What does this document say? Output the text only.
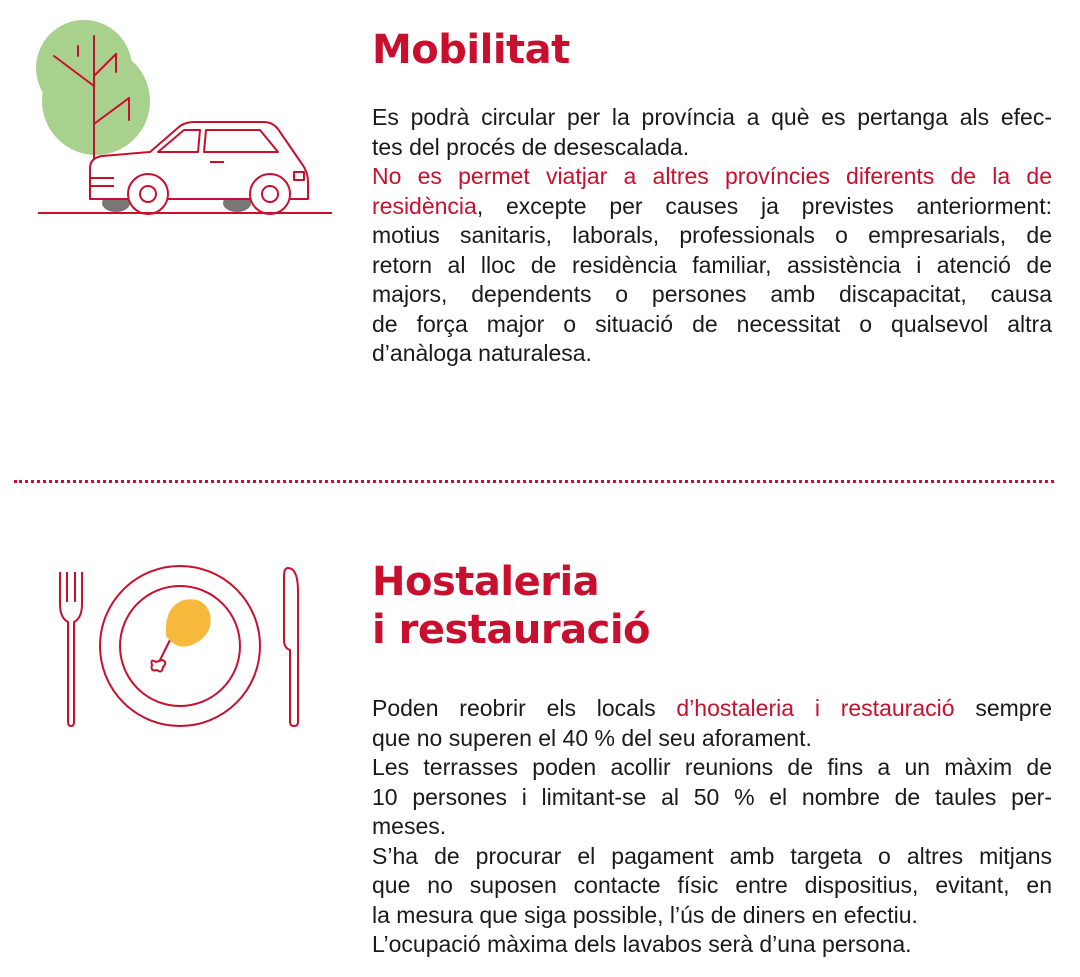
Mobilitat
Es podrà circular per la província a què es pertanga als efec-
tes del procés de desescalada.
No es permet viatjar a altres províncies diferents de la de
residència, excepte per causes ja previstes anteriorment:
motius sanitaris, laborals, professionals o empresarials, de
retorn al lloc de residència familiar, assistència i atenció de
majors, dependents o persones amb discapacitat, causa
de força major o situació de necessitat o qualsevol altra
d’anàloga naturalesa.
Hostaleria
i restauració
Poden reobrir els locals d’hostaleria i restauració sempre
que no superen el 40 % del seu aforament.
Les terrasses poden acollir reunions de fins a un màxim de
10 persones i limitant-se al 50 % el nombre de taules per-
meses.
S’ha de procurar el pagament amb targeta o altres mitjans
que no suposen contacte físic entre dispositius, evitant, en
la mesura que siga possible, l’ús de diners en efectiu.
L’ocupació màxima dels lavabos serà d’una persona.
